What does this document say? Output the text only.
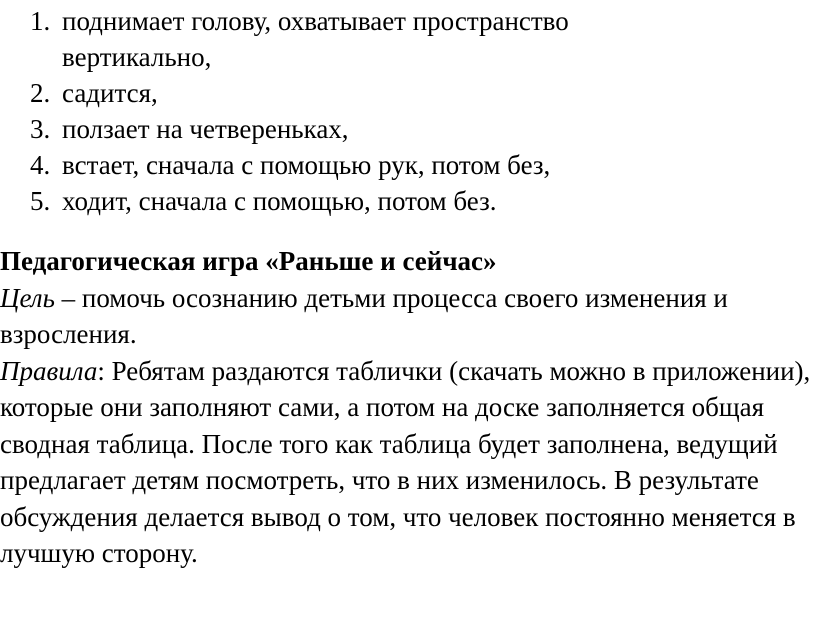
1. поднимает голову, охватывает пространство
вертикально,
2. садится,
3. ползает на четвереньках,
4. встает, сначала с помощью рук, потом без,
5. ходит, сначала с помощью, потом без.
Педагогическая игра «Раньше и сейчас»
Цель – помочь осознанию детьми процесса своего изменения и взросления.
Правила: Ребятам раздаются таблички (скачать можно в приложении), которые они заполняют сами, а потом на доске заполняется общая сводная таблица. После того как таблица будет заполнена, ведущий предлагает детям посмотреть, что в них изменилось. В результате обсуждения делается вывод о том, что человек постоянно меняется в лучшую сторону.
